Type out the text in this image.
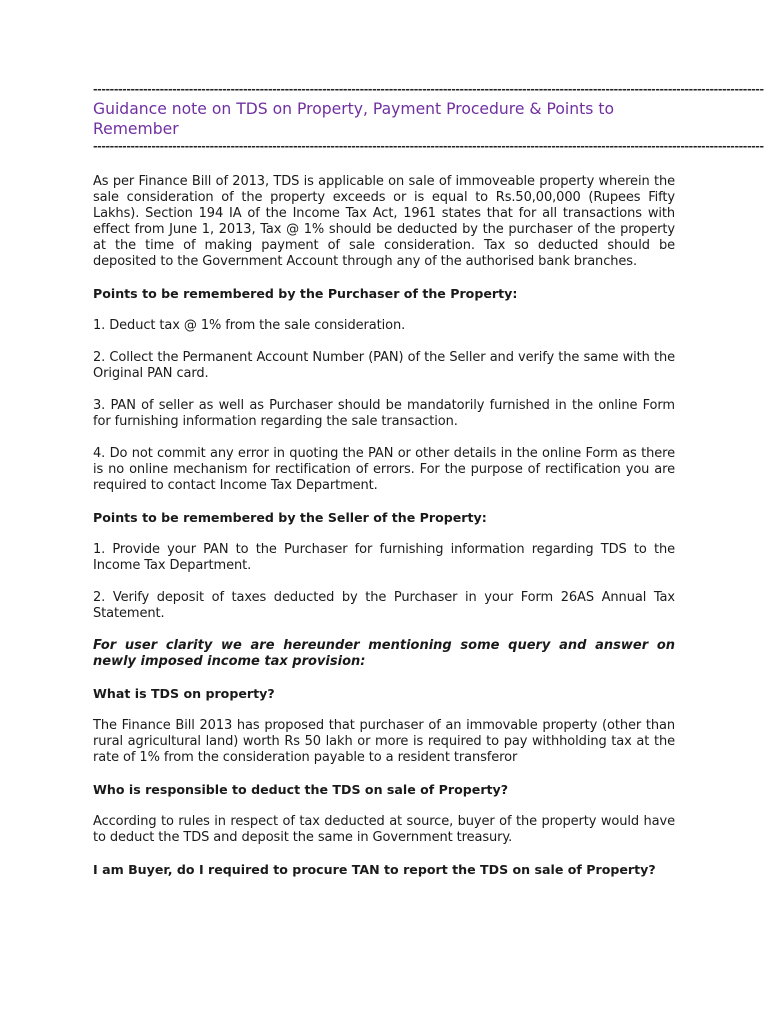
-----------------------------------------------------------------------------------------------------------------------------------------------------------------
Guidance note on TDS on Property, Payment Procedure & Points to Remember
-----------------------------------------------------------------------------------------------------------------------------------------------------------------

As per Finance Bill of 2013, TDS is applicable on sale of immoveable property wherein the sale consideration of the property exceeds or is equal to Rs.50,00,000 (Rupees Fifty Lakhs). Section 194 IA of the Income Tax Act, 1961 states that for all transactions with effect from June 1, 2013, Tax @ 1% should be deducted by the purchaser of the property at the time of making payment of sale consideration. Tax so deducted should be deposited to the Government Account through any of the authorised bank branches.

Points to be remembered by the Purchaser of the Property:

1. Deduct tax @ 1% from the sale consideration.

2. Collect the Permanent Account Number (PAN) of the Seller and verify the same with the Original PAN card.

3. PAN of seller as well as Purchaser should be mandatorily furnished in the online Form for furnishing information regarding the sale transaction.

4. Do not commit any error in quoting the PAN or other details in the online Form as there is no online mechanism for rectification of errors. For the purpose of rectification you are required to contact Income Tax Department.

Points to be remembered by the Seller of the Property:

1. Provide your PAN to the Purchaser for furnishing information regarding TDS to the Income Tax Department.

2. Verify deposit of taxes deducted by the Purchaser in your Form 26AS Annual Tax Statement.

For user clarity we are hereunder mentioning some query and answer on newly imposed income tax provision:

What is TDS on property?

The Finance Bill 2013 has proposed that purchaser of an immovable property (other than rural agricultural land) worth Rs 50 lakh or more is required to pay withholding tax at the rate of 1% from the consideration payable to a resident transferor

Who is responsible to deduct the TDS on sale of Property?

According to rules in respect of tax deducted at source, buyer of the property would have to deduct the TDS and deposit the same in Government treasury.

I am Buyer, do I required to procure TAN to report the TDS on sale of Property?
